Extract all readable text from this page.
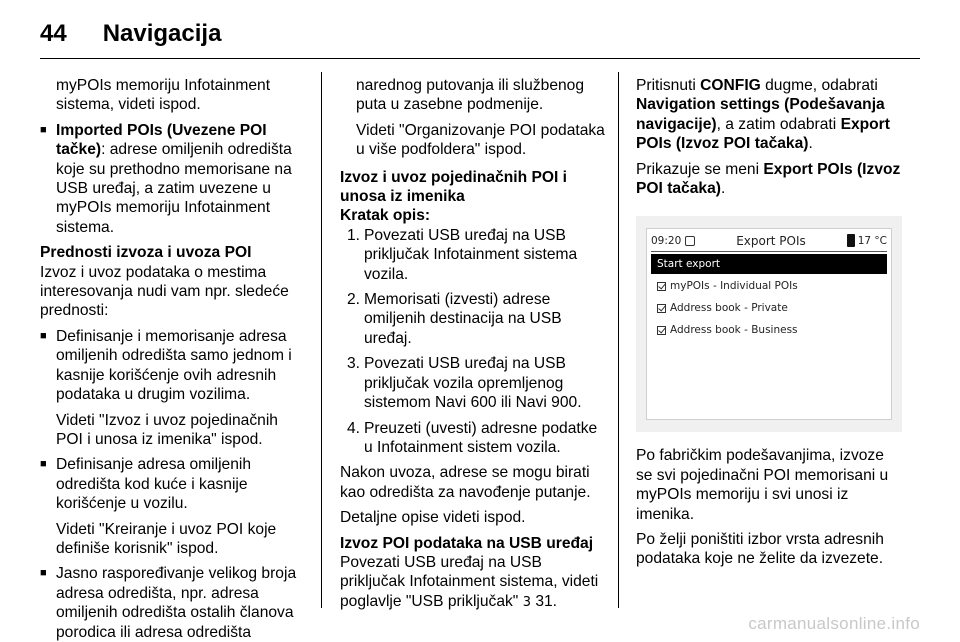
44 Navigacija

myPOIs memoriju Infotainment sistema, videti ispod.

■ Imported POIs (Uvezene POI tačke): adrese omiljenih odredišta koje su prethodno memorisane na USB uređaj, a zatim uvezene u myPOIs memoriju Infotainment sistema.
Prednosti izvoza i uvoza POI

Izvoz i uvoz podataka o mestima interesovanja nudi vam npr. sledeće prednosti:

■ Definisanje i memorisanje adresa omiljenih odredišta samo jednom i kasnije korišćenje ovih adresnih podataka u drugim vozilima.

Videti "Izvoz i uvoz pojedinačnih POI i unosa iz imenika" ispod.

■ Definisanje adresa omiljenih odredišta kod kuće i kasnije korišćenje u vozilu.

Videti "Kreiranje i uvoz POI koje definiše korisnik" ispod.

■ Jasno raspoređivanje velikog broja adresa odredišta, npr. adresa omiljenih odredišta ostalih članova porodica ili adresa odredišta

narednog putovanja ili službenog puta u zasebne podmenije.

Videti "Organizovanje POI podataka u više podfoldera" ispod.

Izvoz i uvoz pojedinačnih POI i unosa iz imenika
Kratak opis:
1. Povezati USB uređaj na USB priključak Infotainment sistema vozila.
2. Memorisati (izvesti) adrese omiljenih destinacija na USB uređaj.
3. Povezati USB uređaj na USB priključak vozila opremljenog sistemom Navi 600 ili Navi 900.
4. Preuzeti (uvesti) adresne podatke u Infotainment sistem vozila.

Nakon uvoza, adrese se mogu birati kao odredišta za navođenje putanje.

Detaljne opise videti ispod.

Izvoz POI podataka na USB uređaj

Povezati USB uređaj na USB priključak Infotainment sistema, videti poglavlje "USB priključak" 3 31.

Pritisnuti CONFIG dugme, odabrati Navigation settings (Podešavanja navigacije), a zatim odabrati Export POIs (Izvoz POI tačaka).

Prikazuje se meni Export POIs (Izvoz POI tačaka).

09:20	Export POIs	17 °C
Start export
myPOIs - Individual POIs
Address book - Private
Address book - Business

Po fabričkim podešavanjima, izvoze se svi pojedinačni POI memorisani u myPOIs memoriju i svi unosi iz imenika.

Po želji poništiti izbor vrsta adresnih podataka koje ne želite da izvezete.

carmanualsonline.info
